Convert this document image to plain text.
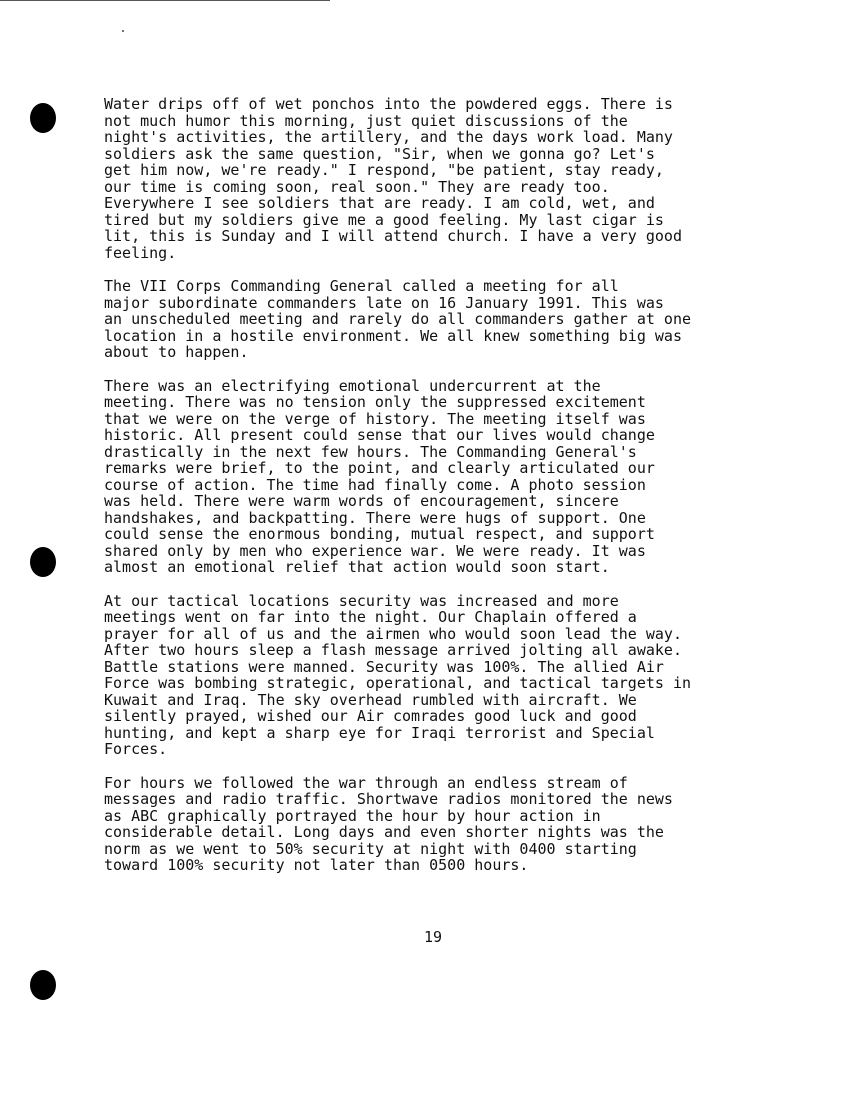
Water drips off of wet ponchos into the powdered eggs. There is
not much humor this morning, just quiet discussions of the
night's activities, the artillery, and the days work load. Many
soldiers ask the same question, "Sir, when we gonna go? Let's
get him now, we're ready." I respond, "be patient, stay ready,
our time is coming soon, real soon." They are ready too.
Everywhere I see soldiers that are ready. I am cold, wet, and
tired but my soldiers give me a good feeling. My last cigar is
lit, this is Sunday and I will attend church. I have a very good
feeling.

The VII Corps Commanding General called a meeting for all
major subordinate commanders late on 16 January 1991. This was
an unscheduled meeting and rarely do all commanders gather at one
location in a hostile environment. We all knew something big was
about to happen.

There was an electrifying emotional undercurrent at the
meeting. There was no tension only the suppressed excitement
that we were on the verge of history. The meeting itself was
historic. All present could sense that our lives would change
drastically in the next few hours. The Commanding General's
remarks were brief, to the point, and clearly articulated our
course of action. The time had finally come. A photo session
was held. There were warm words of encouragement, sincere
handshakes, and backpatting. There were hugs of support. One
could sense the enormous bonding, mutual respect, and support
shared only by men who experience war. We were ready. It was
almost an emotional relief that action would soon start.

At our tactical locations security was increased and more
meetings went on far into the night. Our Chaplain offered a
prayer for all of us and the airmen who would soon lead the way.
After two hours sleep a flash message arrived jolting all awake.
Battle stations were manned. Security was 100%. The allied Air
Force was bombing strategic, operational, and tactical targets in
Kuwait and Iraq. The sky overhead rumbled with aircraft. We
silently prayed, wished our Air comrades good luck and good
hunting, and kept a sharp eye for Iraqi terrorist and Special
Forces.

For hours we followed the war through an endless stream of
messages and radio traffic. Shortwave radios monitored the news
as ABC graphically portrayed the hour by hour action in
considerable detail. Long days and even shorter nights was the
norm as we went to 50% security at night with 0400 starting
toward 100% security not later than 0500 hours.

19
